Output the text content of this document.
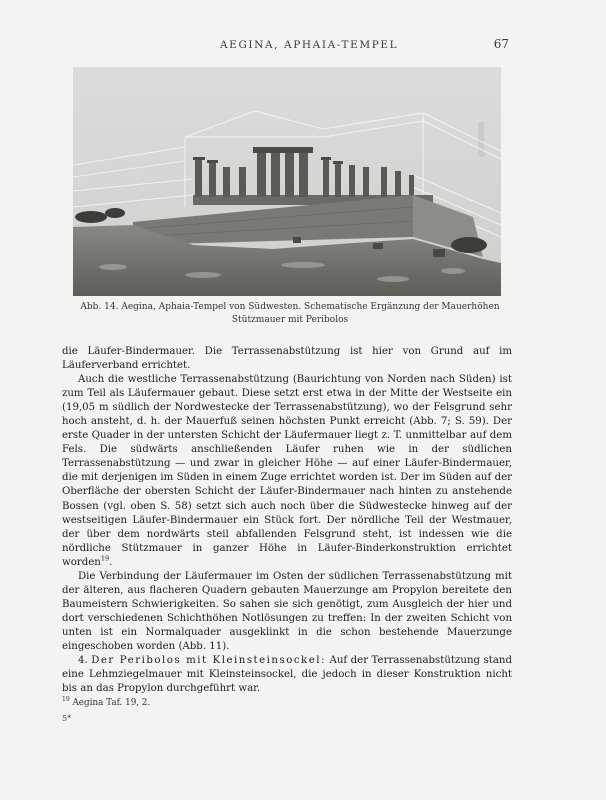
AEGINA, APHAIA-TEMPEL	67
Abb. 14. Aegina, Aphaia-Tempel von Südwesten. Schematische Ergänzung der Mauerhöhen
Stützmauer mit Peribolos

die Läufer-Bindermauer. Die Terrassenabstützung ist hier von Grund auf im Läuferverband errichtet.

Auch die westliche Terrassenabstützung (Baurichtung von Norden nach Süden) ist zum Teil als Läufermauer gebaut. Diese setzt erst etwa in der Mitte der Westseite ein (19,05 m südlich der Nordwestecke der Terrassenabstützung), wo der Felsgrund sehr hoch ansteht, d. h. der Mauerfuß seinen höchsten Punkt erreicht (Abb. 7; S. 59). Der erste Quader in der untersten Schicht der Läufermauer liegt z. T. unmittelbar auf dem Fels. Die südwärts anschließenden Läufer ruhen wie in der südlichen Terrassenabstützung — und zwar in gleicher Höhe — auf einer Läufer-Bindermauer, die mit derjenigen im Süden in einem Zuge errichtet worden ist. Der im Süden auf der Oberfläche der obersten Schicht der Läufer-Bindermauer nach hinten zu anstehende Bossen (vgl. oben S. 58) setzt sich auch noch über die Südwestecke hinweg auf der westseitigen Läufer-Bindermauer ein Stück fort. Der nördliche Teil der Westmauer, der über dem nordwärts steil abfallenden Felsgrund steht, ist indessen wie die nördliche Stützmauer in ganzer Höhe in Läufer-Binderkonstruktion errichtet worden$^{19}$.

Die Verbindung der Läufermauer im Osten der südlichen Terrassenabstützung mit der älteren, aus flacheren Quadern gebauten Mauerzunge am Propylon bereitete den Baumeistern Schwierigkeiten. So sahen sie sich genötigt, zum Ausgleich der hier und dort verschiedenen Schichthöhen Notlösungen zu treffen: In der zweiten Schicht von unten ist ein Normalquader ausgeklinkt in die schon bestehende Mauerzunge eingeschoben worden (Abb. 11).

4. Der Peribolos mit Kleinsteinsockel: Auf der Terrassenabstützung stand eine Lehmziegelmauer mit Kleinsteinsockel, die jedoch in dieser Konstruktion nicht bis an das Propylon durchgeführt war.

$^{19}$ Aegina Taf. 19, 2.

5*
